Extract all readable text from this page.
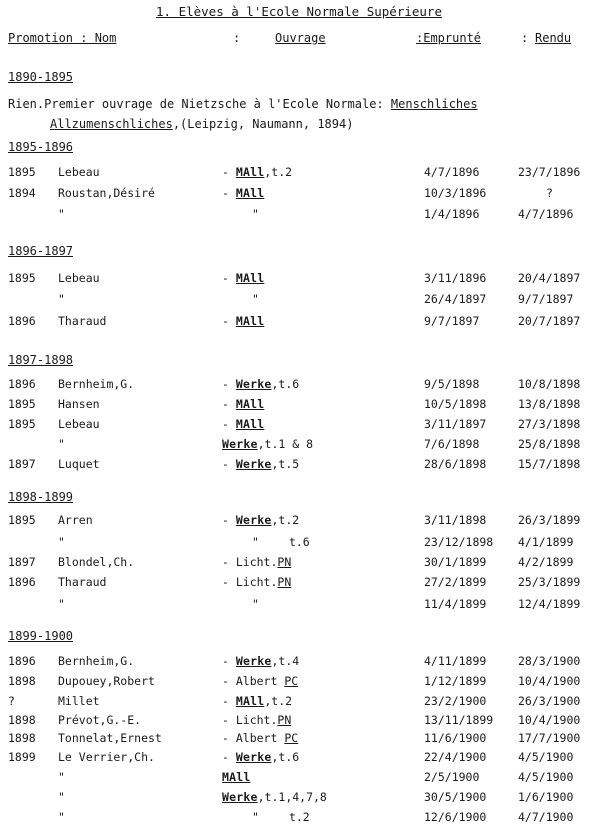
1. Elèves à l'Ecole Normale Supérieure
Promotion : Nom	:	Ouvrage	:Emprunté	: Rendu
1890-1895
Rien.Premier ouvrage de Nietzsche à l'Ecole Normale: Menschliches
Allzumenschliches,(Leipzig, Naumann, 1894)
1895-1896
1895 Lebeau	- MAll,t.2	4/7/1896	23/7/1896
1894 Roustan,Désiré	- MAll	10/3/1896	?
"	"	1/4/1896	4/7/1896
1896-1897
1895 Lebeau	- MAll	3/11/1896	20/4/1897
"	"	26/4/1897	9/7/1897
1896 Tharaud	- MAll	9/7/1897	20/7/1897
1897-1898
1896 Bernheim,G.	- Werke,t.6	9/5/1898	10/8/1898
1895 Hansen	- MAll	10/5/1898	13/8/1898
1895 Lebeau	- MAll	3/11/1897	27/3/1898
"	Werke,t.1 & 8	7/6/1898	25/8/1898
1897 Luquet	- Werke,t.5	28/6/1898	15/7/1898
1898-1899
1895 Arren	- Werke,t.2	3/11/1898	26/3/1899
"	"	t.6	23/12/1898 4/1/1899
1897 Blondel,Ch.	- Licht.PN	30/1/1899	4/2/1899
1896 Tharaud	- Licht.PN	27/2/1899	25/3/1899
"	"	11/4/1899	12/4/1899
1899-1900
1896 Bernheim,G.	- Werke,t.4	4/11/1899	28/3/1900
1898 Dupouey,Robert	- Albert PC	1/12/1899	10/4/1900
?	Millet	- MAll,t.2	23/2/1900	26/3/1900
1898 Prévot,G.-E.	- Licht.PN	13/11/1899 10/4/1900
1898 Tonnelat,Ernest	- Albert PC	11/6/1900	17/7/1900
1899 Le Verrier,Ch.	- Werke,t.6	22/4/1900	4/5/1900
"	MAll	2/5/1900	4/5/1900
"	Werke,t.1,4,7,8	30/5/1900	1/6/1900
"	"	t.2	12/6/1900	4/7/1900
